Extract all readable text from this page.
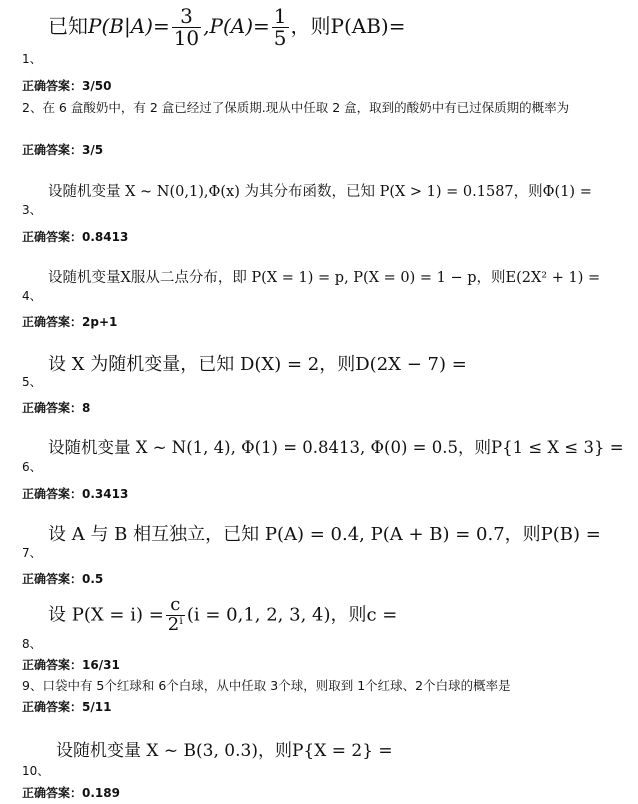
已知$P(B|A)= \frac{3}{10} ,P(A)= \frac{1}{5}$ ，则P(AB)=
1、
正确答案：3/50
2、在 6 盒酸奶中，有 2 盒已经过了保质期.现从中任取 2 盒，取到的酸奶中有已过保质期的概率为
正确答案：3/5
设随机变量 X ~ N(0,1),Φ(x) 为其分布函数，已知 P(X > 1) = 0.1587，则Φ(1) =
3、
正确答案：0.8413
设随机变量X服从二点分布，即 P(X = 1) = p, P(X = 0) = 1 − p，则E(2X² + 1) =
4、
正确答案：2p+1
设 X 为随机变量，已知 D(X) = 2，则D(2X − 7) =
5、
正确答案：8
设随机变量 X ~ N(1, 4), Φ(1) = 0.8413, Φ(0) = 0.5，则P{1 ≤ X ≤ 3} =
6、
正确答案：0.3413
设 A 与 B 相互独立，已知 P(A) = 0.4, P(A + B) = 0.7，则P(B) =
7、
正确答案：0.5
设 $P(X = i) = \frac{c}{\text{2ⁱ}} (i = 0,1$, 2, 3, 4)，则c =
8、
正确答案：16/31
9、口袋中有 5个红球和 6个白球，从中任取 3个球，则取到 1个红球、2个白球的概率是
正确答案：5/11
设随机变量 X ~ B(3, 0.3)，则P{X = 2} =
10、
正确答案：0.189
